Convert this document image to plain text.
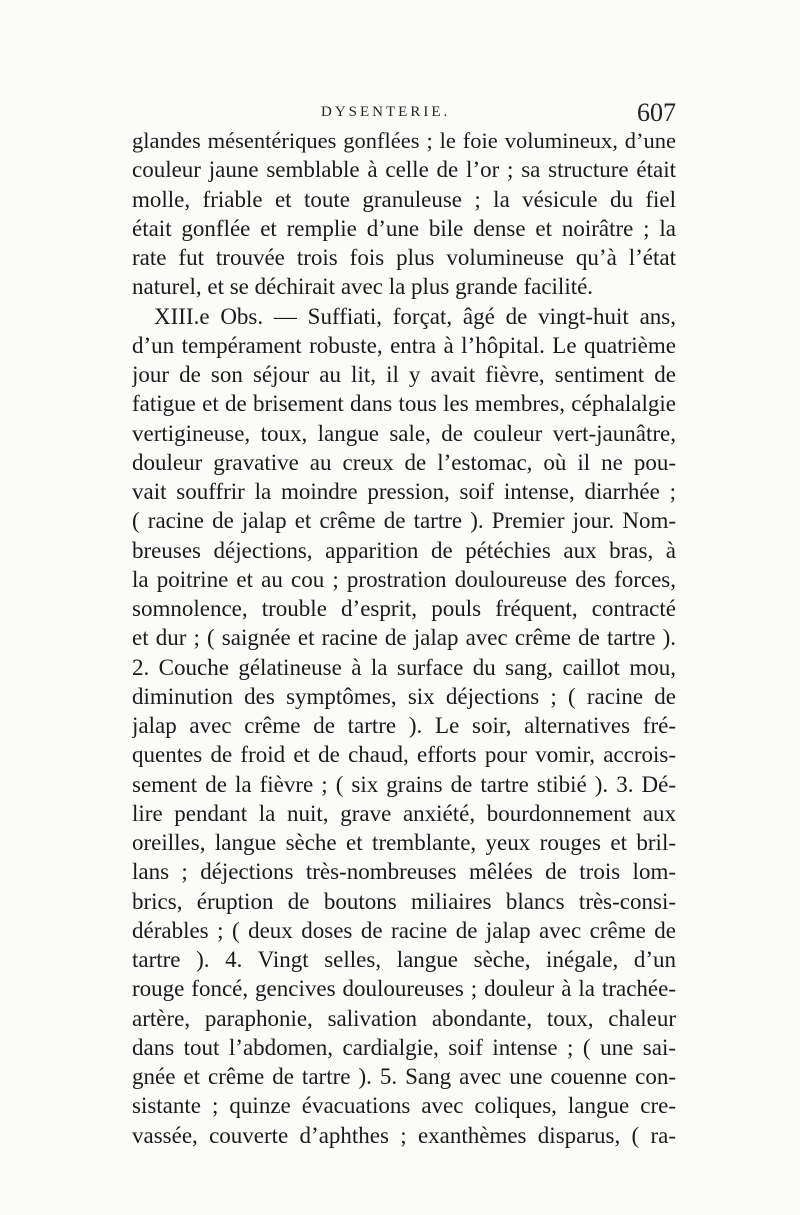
DYSENTERIE.	607
glandes mésentériques gonflées ; le foie volumineux, d’une
couleur jaune semblable à celle de l’or ; sa structure était
molle, friable et toute granuleuse ; la vésicule du fiel
était gonflée et remplie d’une bile dense et noirâtre ; la
rate fut trouvée trois fois plus volumineuse qu’à l’état
naturel, et se déchirait avec la plus grande facilité.
XIII.e Obs. — Suffiati, forçat, âgé de vingt-huit ans,
d’un tempérament robuste, entra à l’hôpital. Le quatrième
jour de son séjour au lit, il y avait fièvre, sentiment de
fatigue et de brisement dans tous les membres, céphalalgie
vertigineuse, toux, langue sale, de couleur vert-jaunâtre,
douleur gravative au creux de l’estomac, où il ne pou-
vait souffrir la moindre pression, soif intense, diarrhée ;
( racine de jalap et crême de tartre ). Premier jour. Nom-
breuses déjections, apparition de pétéchies aux bras, à
la poitrine et au cou ; prostration douloureuse des forces,
somnolence, trouble d’esprit, pouls fréquent, contracté
et dur ; ( saignée et racine de jalap avec crême de tartre ).
2. Couche gélatineuse à la surface du sang, caillot mou,
diminution des symptômes, six déjections ; ( racine de
jalap avec crême de tartre ). Le soir, alternatives fré-
quentes de froid et de chaud, efforts pour vomir, accrois-
sement de la fièvre ; ( six grains de tartre stibié ). 3. Dé-
lire pendant la nuit, grave anxiété, bourdonnement aux
oreilles, langue sèche et tremblante, yeux rouges et bril-
lans ; déjections très-nombreuses mêlées de trois lom-
brics, éruption de boutons miliaires blancs très-consi-
dérables ; ( deux doses de racine de jalap avec crême de
tartre ). 4. Vingt selles, langue sèche, inégale, d’un
rouge foncé, gencives douloureuses ; douleur à la trachée-
artère, paraphonie, salivation abondante, toux, chaleur
dans tout l’abdomen, cardialgie, soif intense ; ( une sai-
gnée et crême de tartre ). 5. Sang avec une couenne con-
sistante ; quinze évacuations avec coliques, langue cre-
vassée, couverte d’aphthes ; exanthèmes disparus, ( ra-
